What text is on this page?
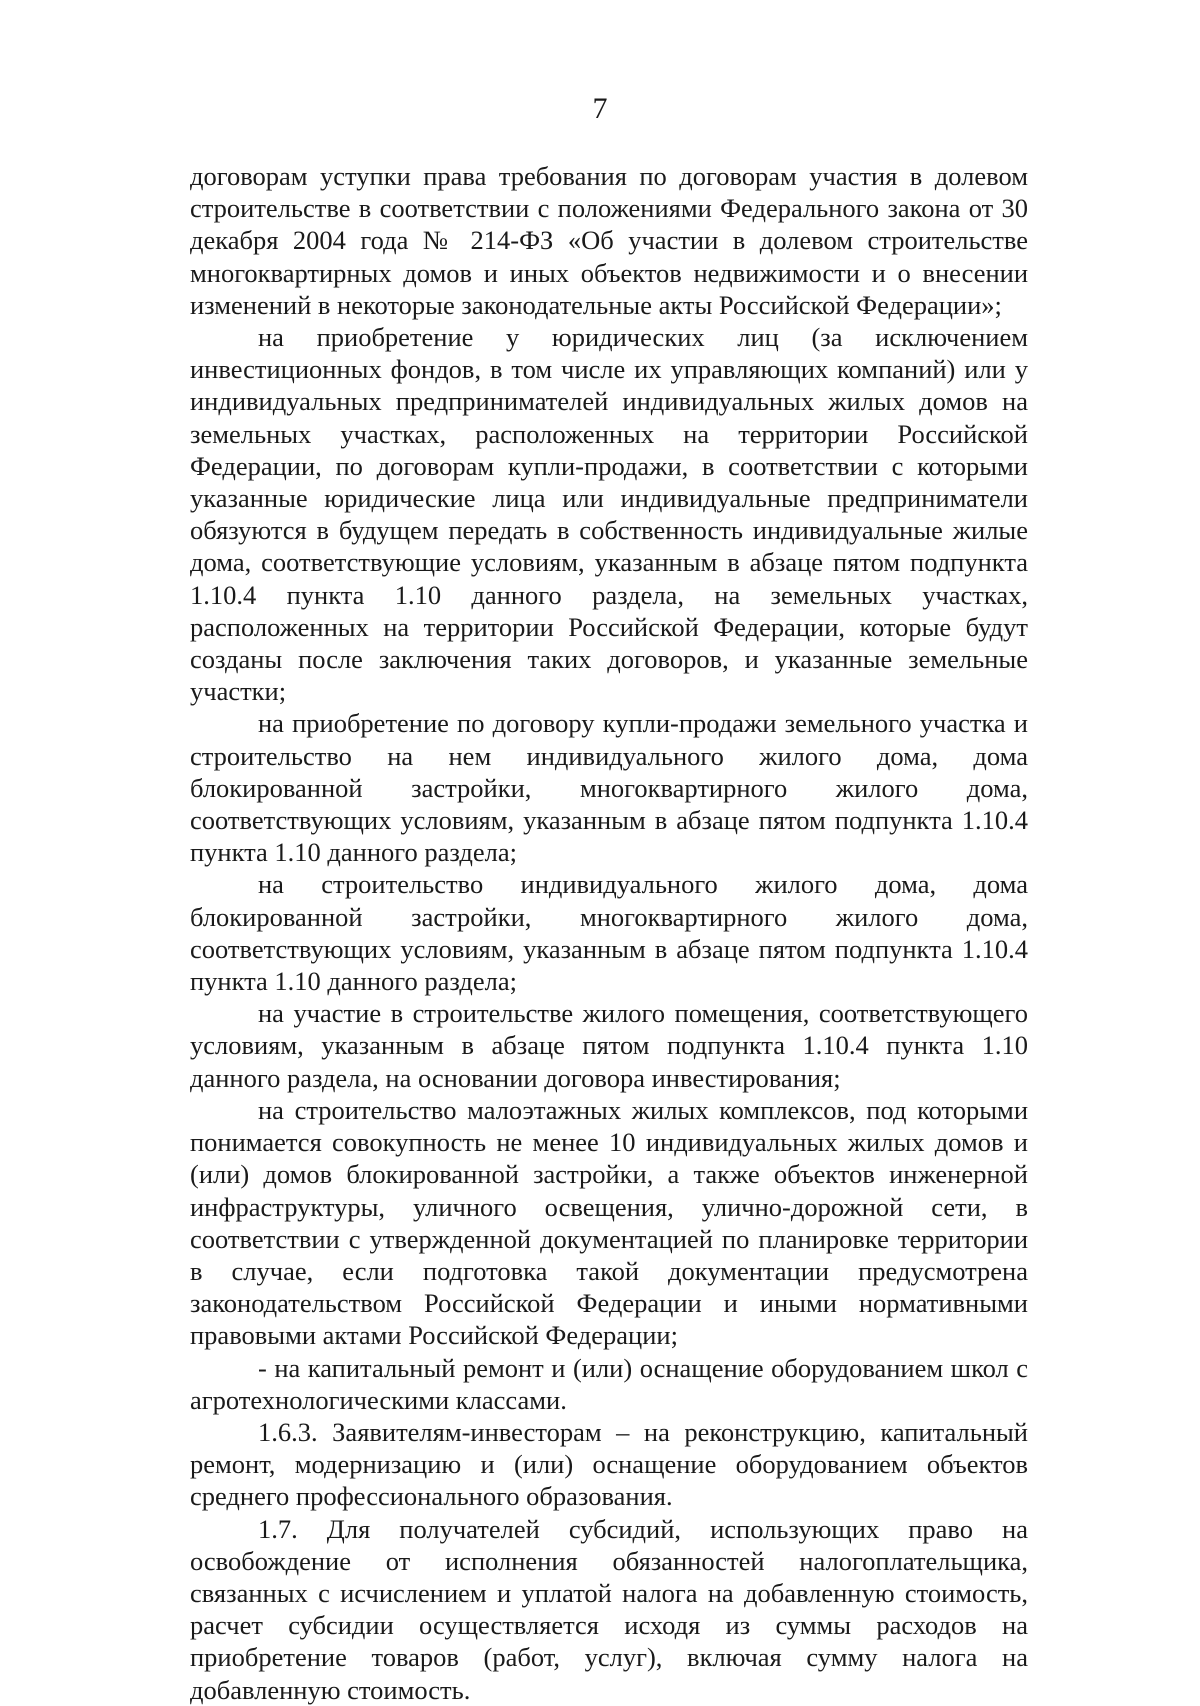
7

договорам уступки права требования по договорам участия в долевом строительстве в соответствии с положениями Федерального закона от 30 декабря 2004 года № 214-ФЗ «Об участии в долевом строительстве многоквартирных домов и иных объектов недвижимости и о внесении изменений в некоторые законодательные акты Российской Федерации»;

на приобретение у юридических лиц (за исключением инвестиционных фондов, в том числе их управляющих компаний) или у индивидуальных предпринимателей индивидуальных жилых домов на земельных участках, расположенных на территории Российской Федерации, по договорам купли-продажи, в соответствии с которыми указанные юридические лица или индивидуальные предприниматели обязуются в будущем передать в собственность индивидуальные жилые дома, соответствующие условиям, указанным в абзаце пятом подпункта 1.10.4 пункта 1.10 данного раздела, на земельных участках, расположенных на территории Российской Федерации, которые будут созданы после заключения таких договоров, и указанные земельные участки;

на приобретение по договору купли-продажи земельного участка и строительство на нем индивидуального жилого дома, дома блокированной застройки, многоквартирного жилого дома, соответствующих условиям, указанным в абзаце пятом подпункта 1.10.4 пункта 1.10 данного раздела;

на строительство индивидуального жилого дома, дома блокированной застройки, многоквартирного жилого дома, соответствующих условиям, указанным в абзаце пятом подпункта 1.10.4 пункта 1.10 данного раздела;

на участие в строительстве жилого помещения, соответствующего условиям, указанным в абзаце пятом подпункта 1.10.4 пункта 1.10 данного раздела, на основании договора инвестирования;

на строительство малоэтажных жилых комплексов, под которыми понимается совокупность не менее 10 индивидуальных жилых домов и (или) домов блокированной застройки, а также объектов инженерной инфраструктуры, уличного освещения, улично-дорожной сети, в соответствии с утвержденной документацией по планировке территории в случае, если подготовка такой документации предусмотрена законодательством Российской Федерации и иными нормативными правовыми актами Российской Федерации;

- на капитальный ремонт и (или) оснащение оборудованием школ с агротехнологическими классами.

1.6.3. Заявителям-инвесторам – на реконструкцию, капитальный ремонт, модернизацию и (или) оснащение оборудованием объектов среднего профессионального образования.

1.7. Для получателей субсидий, использующих право на освобождение от исполнения обязанностей налогоплательщика, связанных с исчислением и уплатой налога на добавленную стоимость, расчет субсидии осуществляется исходя из суммы расходов на приобретение товаров (работ, услуг), включая сумму налога на добавленную стоимость.
